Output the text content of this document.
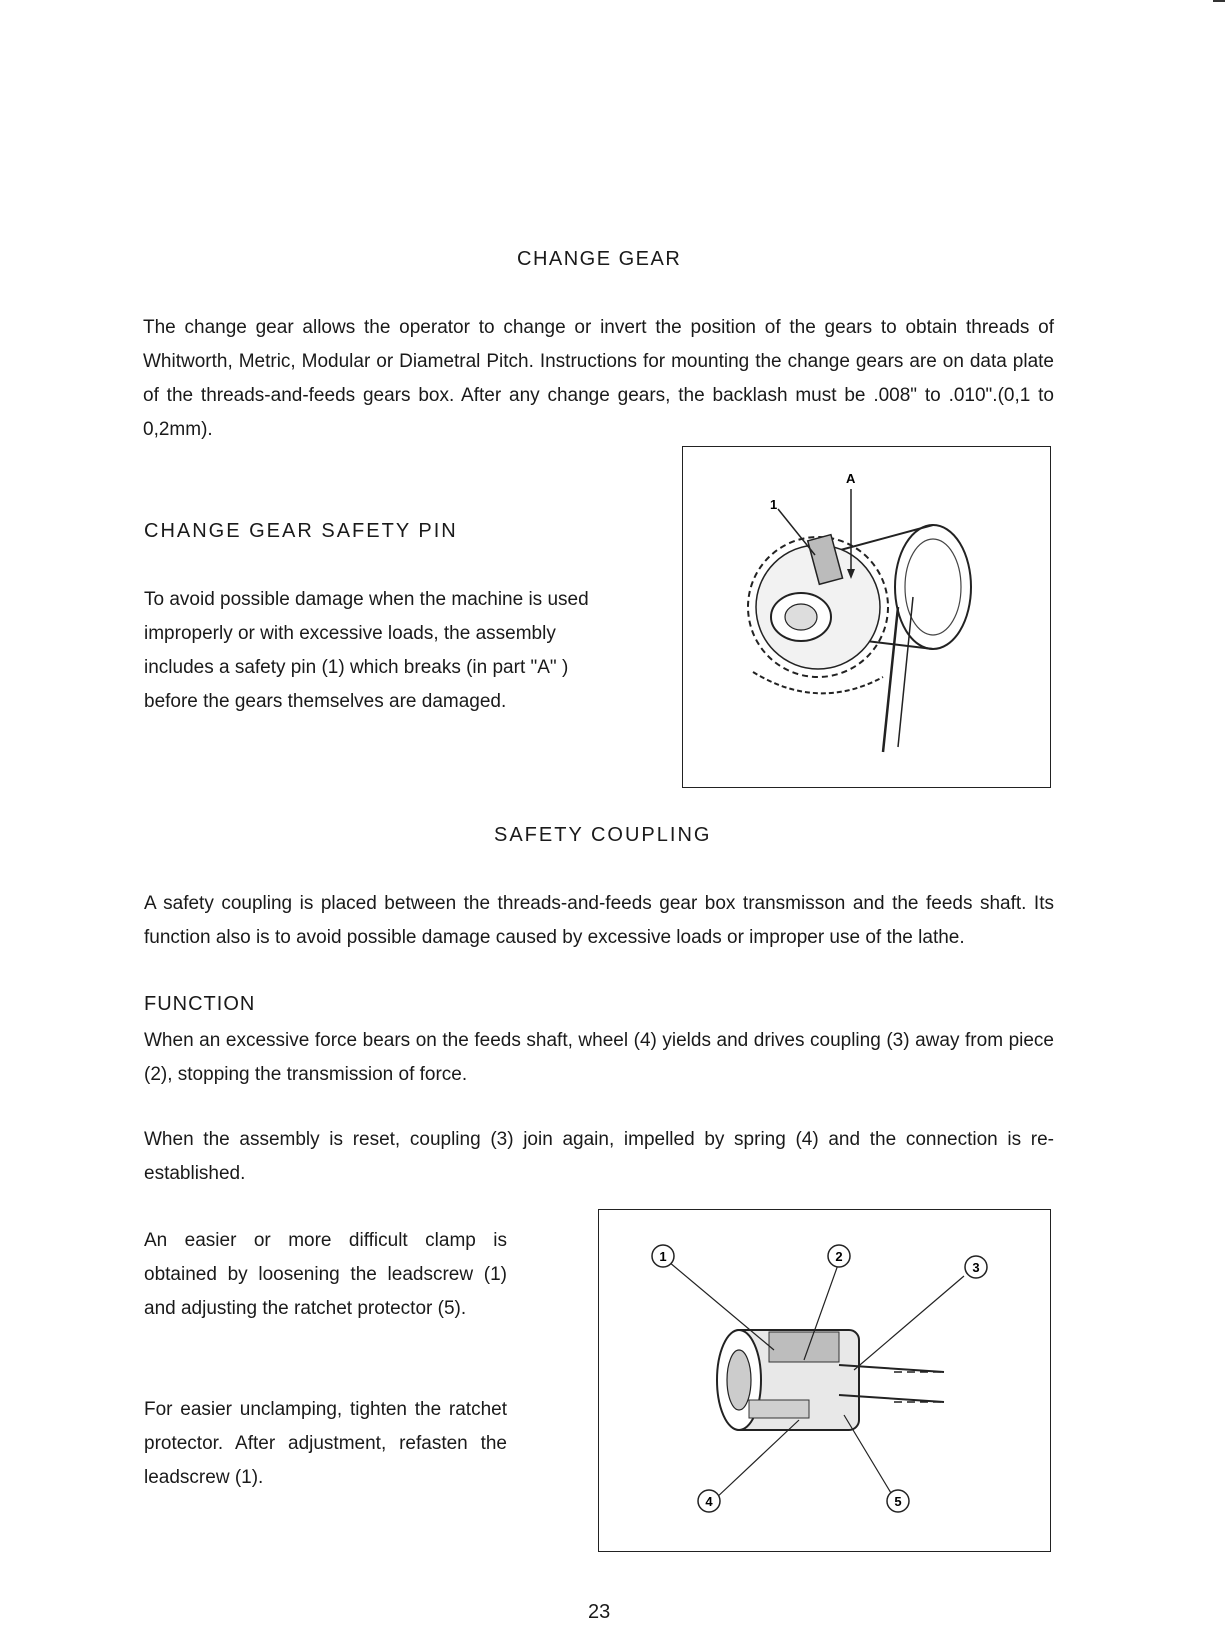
CHANGE GEAR
The change gear allows the operator to change or invert the position of the gears to obtain threads of Whitworth, Metric, Modular or Diametral Pitch. Instructions for mounting the change gears are on data plate of the threads-and-feeds gears box. After any change gears, the backlash must be .008" to .010".(0,1 to 0,2mm).
CHANGE GEAR SAFETY PIN
To avoid possible damage when the machine is used improperly or with excessive loads, the assembly includes a safety pin (1) which breaks (in part "A" ) before the gears themselves are damaged.
1
A
SAFETY COUPLING
A safety coupling is placed between the threads-and-feeds gear box transmisson and the feeds shaft. Its function also is to avoid possible damage caused by excessive loads or improper use of the lathe.
FUNCTION
When an excessive force bears on the feeds shaft, wheel (4) yields and drives coupling (3) away from piece (2), stopping the transmission of force.
When the assembly is reset, coupling (3) join again, impelled by spring (4) and the connection is re-established.
An easier or more difficult clamp is obtained by loosening the leadscrew (1) and adjusting the ratchet protector (5).
For easier unclamping, tighten the ratchet protector. After adjustment, refasten the leadscrew (1).
1	2
3
4	5
23
